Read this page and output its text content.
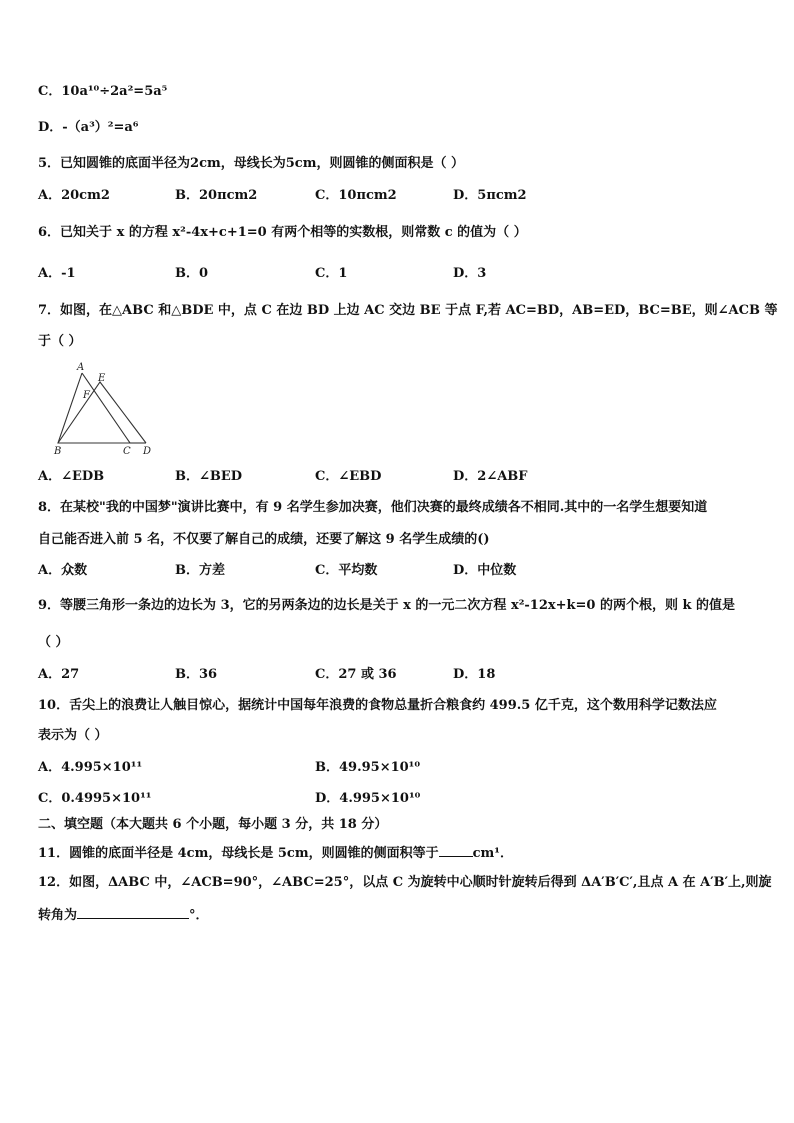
C．10a¹⁰÷2a²=5a⁵
D．-（a³）²=a⁶
5．已知圆锥的底面半径为2cm，母线长为5cm，则圆锥的侧面积是（ ）
A．20cm2	B．20πcm2	C．10πcm2	D．5πcm2
6．已知关于 x 的方程 x²-4x+c+1=0 有两个相等的实数根，则常数 c 的值为（ ）
A．-1	B．0	C．1	D．3
7．如图，在△ABC 和△BDE 中，点 C 在边 BD 上边 AC 交边 BE 于点 F,若 AC=BD，AB=ED，BC=BE，则∠ACB 等
于（ ）
A
E
F
B	C D
A．∠EDB	B．∠BED	C．∠EBD	D．2∠ABF
8．在某校"我的中国梦"演讲比赛中，有 9 名学生参加决赛，他们决赛的最终成绩各不相同.其中的一名学生想要知道
自己能否进入前 5 名，不仅要了解自己的成绩，还要了解这 9 名学生成绩的()
A．众数	B．方差	C．平均数	D．中位数
9．等腰三角形一条边的边长为 3，它的另两条边的边长是关于 x 的一元二次方程 x²-12x+k=0 的两个根，则 k 的值是
（ ）
A．27	B．36	C．27 或 36	D．18
10．舌尖上的浪费让人触目惊心，据统计中国每年浪费的食物总量折合粮食约 499.5 亿千克，这个数用科学记数法应
表示为（ ）
A．4.995×10¹¹	B．49.95×10¹⁰
C．0.4995×10¹¹	D．4.995×10¹⁰
二、填空题（本大题共 6 个小题，每小题 3 分，共 18 分）
11．圆锥的底面半径是 4cm，母线长是 5cm，则圆锥的侧面积等于	cm¹．
12．如图，ΔABC 中，∠ACB=90°，∠ABC=25°，以点 C 为旋转中心顺时针旋转后得到 ΔA′B′C′,且点 A 在 A′B′上,则旋
转角为	°．
